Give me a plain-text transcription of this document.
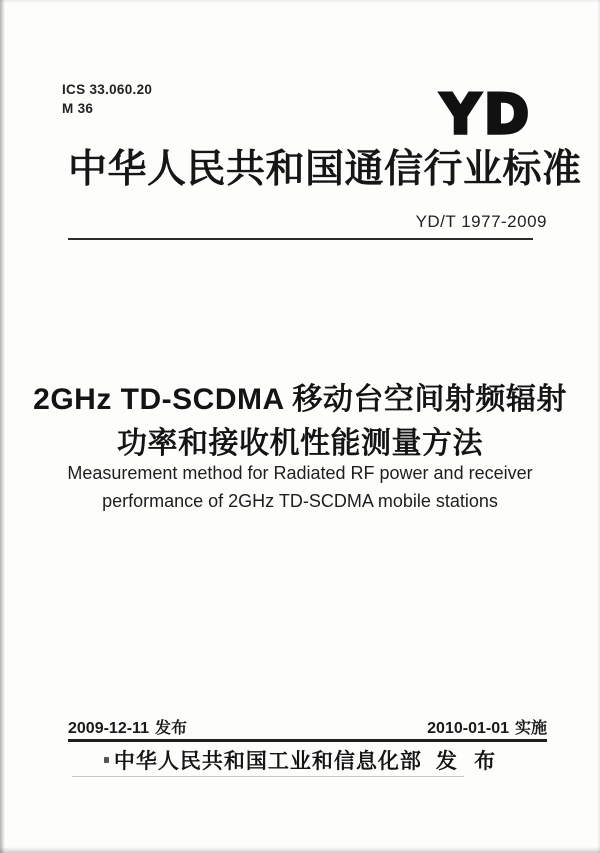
ICS 33.060.20
M 36	YD
中华人民共和国通信行业标准
YD/T 1977-2009
2GHz TD-SCDMA 移动台空间射频辐射
功率和接收机性能测量方法
Measurement method for Radiated RF power and receiver
performance of 2GHz TD-SCDMA mobile stations
2009-12-11 发布	2010-01-01 实施
中华人民共和国工业和信息化部 发 布
